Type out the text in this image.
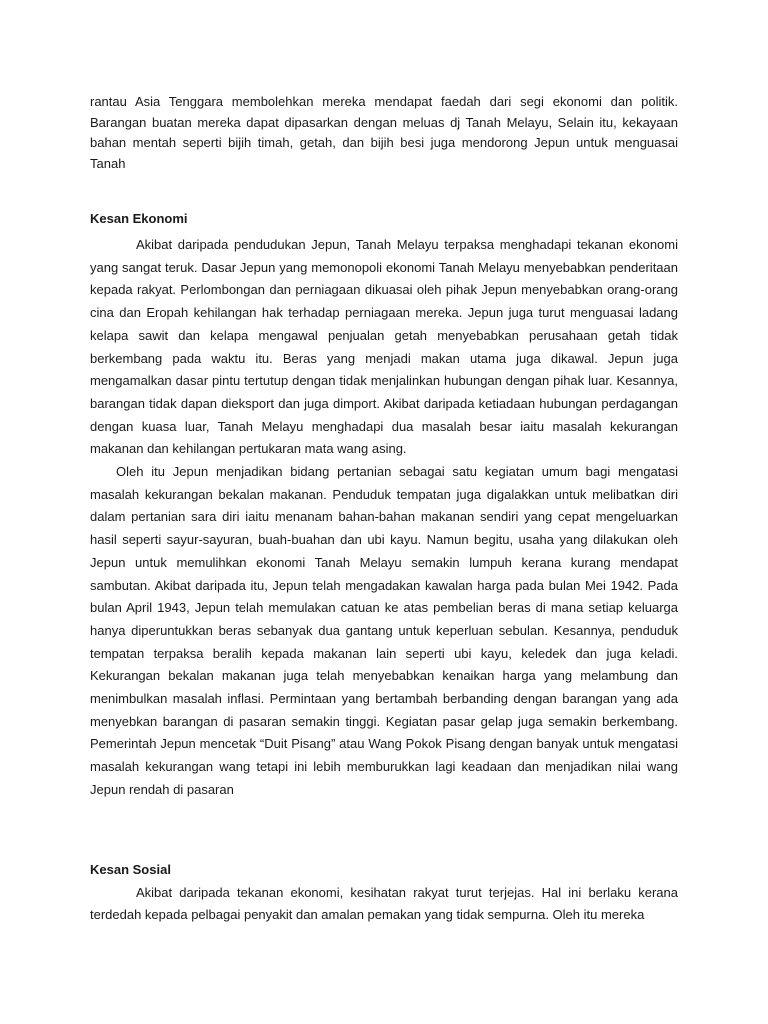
rantau Asia Tenggara membolehkan mereka mendapat faedah dari segi ekonomi dan politik. Barangan buatan mereka dapat dipasarkan dengan meluas dj Tanah Melayu, Selain itu, kekayaan bahan mentah seperti bijih timah, getah, dan bijih besi juga mendorong Jepun untuk menguasai Tanah

Kesan Ekonomi

Akibat daripada pendudukan Jepun, Tanah Melayu terpaksa menghadapi tekanan ekonomi yang sangat teruk. Dasar Jepun yang memonopoli ekonomi Tanah Melayu menyebabkan penderitaan kepada rakyat. Perlombongan dan perniagaan dikuasai oleh pihak Jepun menyebabkan orang-orang cina dan Eropah kehilangan hak terhadap perniagaan mereka. Jepun juga turut menguasai ladang kelapa sawit dan kelapa mengawal penjualan getah menyebabkan perusahaan getah tidak berkembang pada waktu itu. Beras yang menjadi makan utama juga dikawal. Jepun juga mengamalkan dasar pintu tertutup dengan tidak menjalinkan hubungan dengan pihak luar. Kesannya, barangan tidak dapan dieksport dan juga dimport. Akibat daripada ketiadaan hubungan perdagangan dengan kuasa luar, Tanah Melayu menghadapi dua masalah besar iaitu masalah kekurangan makanan dan kehilangan pertukaran mata wang asing.

Oleh itu Jepun menjadikan bidang pertanian sebagai satu kegiatan umum bagi mengatasi masalah kekurangan bekalan makanan. Penduduk tempatan juga digalakkan untuk melibatkan diri dalam pertanian sara diri iaitu menanam bahan-bahan makanan sendiri yang cepat mengeluarkan hasil seperti sayur-sayuran, buah-buahan dan ubi kayu. Namun begitu, usaha yang dilakukan oleh Jepun untuk memulihkan ekonomi Tanah Melayu semakin lumpuh kerana kurang mendapat sambutan. Akibat daripada itu, Jepun telah mengadakan kawalan harga pada bulan Mei 1942. Pada bulan April 1943, Jepun telah memulakan catuan ke atas pembelian beras di mana setiap keluarga hanya diperuntukkan beras sebanyak dua gantang untuk keperluan sebulan. Kesannya, penduduk tempatan terpaksa beralih kepada makanan lain seperti ubi kayu, keledek dan juga keladi. Kekurangan bekalan makanan juga telah menyebabkan kenaikan harga yang melambung dan menimbulkan masalah inflasi. Permintaan yang bertambah berbanding dengan barangan yang ada menyebkan barangan di pasaran semakin tinggi. Kegiatan pasar gelap juga semakin berkembang. Pemerintah Jepun mencetak “Duit Pisang” atau Wang Pokok Pisang dengan banyak untuk mengatasi masalah kekurangan wang tetapi ini lebih memburukkan lagi keadaan dan menjadikan nilai wang Jepun rendah di pasaran

Kesan Sosial

Akibat daripada tekanan ekonomi, kesihatan rakyat turut terjejas. Hal ini berlaku kerana terdedah kepada pelbagai penyakit dan amalan pemakan yang tidak sempurna. Oleh itu mereka
